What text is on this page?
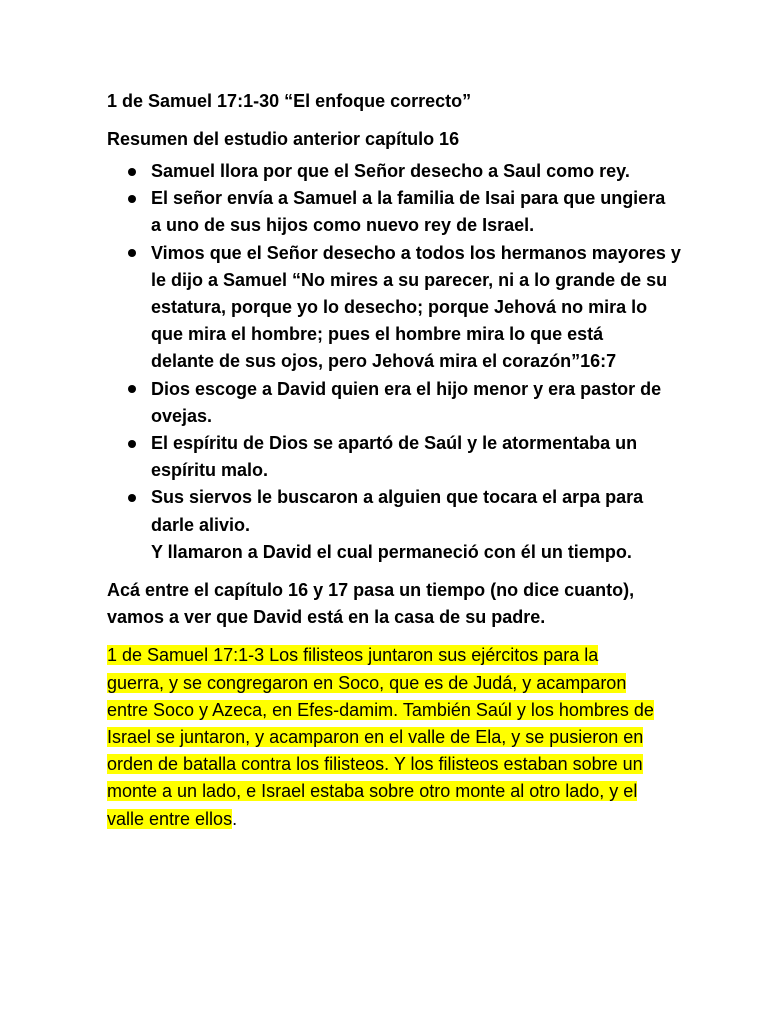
1 de Samuel 17:1-30 “El enfoque correcto”

Resumen del estudio anterior capítulo 16

Samuel llora por que el Señor desecho a Saul como rey.
El señor envía a Samuel a la familia de Isai para que ungiera
a uno de sus hijos como nuevo rey de Israel.
Vimos que el Señor desecho a todos los hermanos mayores y
le dijo a Samuel “No mires a su parecer, ni a lo grande de su
estatura, porque yo lo desecho; porque Jehová no mira lo
que mira el hombre; pues el hombre mira lo que está
delante de sus ojos, pero Jehová mira el corazón”16:7
Dios escoge a David quien era el hijo menor y era pastor de
ovejas.
El espíritu de Dios se apartó de Saúl y le atormentaba un
espíritu malo.
Sus siervos le buscaron a alguien que tocara el arpa para
darle alivio.

Y llamaron a David el cual permaneció con él un tiempo.

Acá entre el capítulo 16 y 17 pasa un tiempo (no dice cuanto),
vamos a ver que David está en la casa de su padre.

1 de Samuel 17:1-3 Los filisteos juntaron sus ejércitos para la
guerra, y se congregaron en Soco, que es de Judá, y acamparon
entre Soco y Azeca, en Efes-damim. También Saúl y los hombres de
Israel se juntaron, y acamparon en el valle de Ela, y se pusieron en
orden de batalla contra los filisteos. Y los filisteos estaban sobre un
monte a un lado, e Israel estaba sobre otro monte al otro lado, y el
valle entre ellos.
